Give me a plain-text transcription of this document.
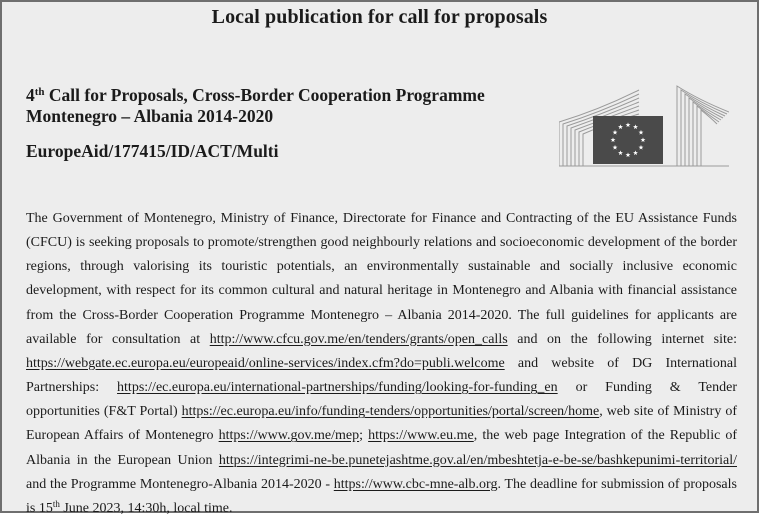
Local publication for call for proposals
4th Call for Proposals, Cross-Border Cooperation Programme
Montenegro – Albania 2014-2020
EuropeAid/177415/ID/ACT/Multi

The Government of Montenegro, Ministry of Finance, Directorate for Finance and Contracting of the EU Assistance Funds (CFCU) is seeking proposals to promote/strengthen good neighbourly relations and socioeconomic development of the border regions, through valorising its touristic potentials, an environmentally sustainable and socially inclusive economic development, with respect for its common cultural and natural heritage in Montenegro and Albania with financial assistance from the Cross-Border Cooperation Programme Montenegro – Albania 2014-2020. The full guidelines for applicants are available for consultation at http://www.cfcu.gov.me/en/tenders/grants/open_calls and on the following internet site: https://webgate.ec.europa.eu/europeaid/online-services/index.cfm?do=publi.welcome and website of DG International Partnerships: https://ec.europa.eu/international-partnerships/funding/looking-for-funding_en or Funding & Tender opportunities (F&T Portal) https://ec.europa.eu/info/funding-tenders/opportunities/portal/screen/home, web site of Ministry of European Affairs of Montenegro https://www.gov.me/mep; https://www.eu.me, the web page Integration of the Republic of Albania in the European Union https://integrimi-ne-be.punetejashtme.gov.al/en/mbeshtetja-e-be-se/bashkepunimi-territorial/ and the Programme Montenegro-Albania 2014-2020 - https://www.cbc-mne-alb.org. The deadline for submission of proposals is 15th June 2023, 14:30h, local time.
